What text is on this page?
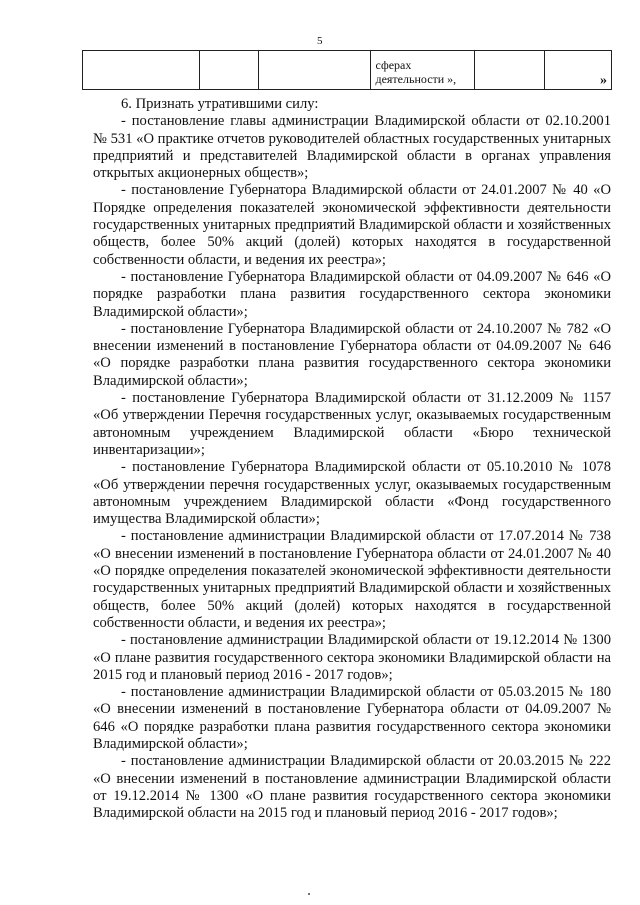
5
			сферах деятельности »,		»

6. Признать утратившими силу:

- постановление главы администрации Владимирской области от 02.10.2001 № 531 «О практике отчетов руководителей областных государственных унитарных предприятий и представителей Владимирской области в органах управления открытых акционерных обществ»;

- постановление Губернатора Владимирской области от 24.01.2007 № 40 «О Порядке определения показателей экономической эффективности деятельности государственных унитарных предприятий Владимирской области и хозяйственных обществ, более 50% акций (долей) которых находятся в государственной собственности области, и ведения их реестра»;

- постановление Губернатора Владимирской области от 04.09.2007 № 646 «О порядке разработки плана развития государственного сектора экономики Владимирской области»;

- постановление Губернатора Владимирской области от 24.10.2007 № 782 «О внесении изменений в постановление Губернатора области от 04.09.2007 № 646 «О порядке разработки плана развития государственного сектора экономики Владимирской области»;

- постановление Губернатора Владимирской области от 31.12.2009 № 1157 «Об утверждении Перечня государственных услуг, оказываемых государственным автономным учреждением Владимирской области «Бюро технической инвентаризации»;

- постановление Губернатора Владимирской области от 05.10.2010 № 1078 «Об утверждении перечня государственных услуг, оказываемых государственным автономным учреждением Владимирской области «Фонд государственного имущества Владимирской области»;

- постановление администрации Владимирской области от 17.07.2014 № 738 «О внесении изменений в постановление Губернатора области от 24.01.2007 № 40 «О порядке определения показателей экономической эффективности деятельности государственных унитарных предприятий Владимирской области и хозяйственных обществ, более 50% акций (долей) которых находятся в государственной собственности области, и ведения их реестра»;

- постановление администрации Владимирской области от 19.12.2014 № 1300 «О плане развития государственного сектора экономики Владимирской области на 2015 год и плановый период 2016 - 2017 годов»;

- постановление администрации Владимирской области от 05.03.2015 № 180 «О внесении изменений в постановление Губернатора области от 04.09.2007 № 646 «О порядке разработки плана развития государственного сектора экономики Владимирской области»;

- постановление администрации Владимирской области от 20.03.2015 № 222 «О внесении изменений в постановление администрации Владимирской области от 19.12.2014 № 1300 «О плане развития государственного сектора экономики Владимирской области на 2015 год и плановый период 2016 - 2017 годов»;
